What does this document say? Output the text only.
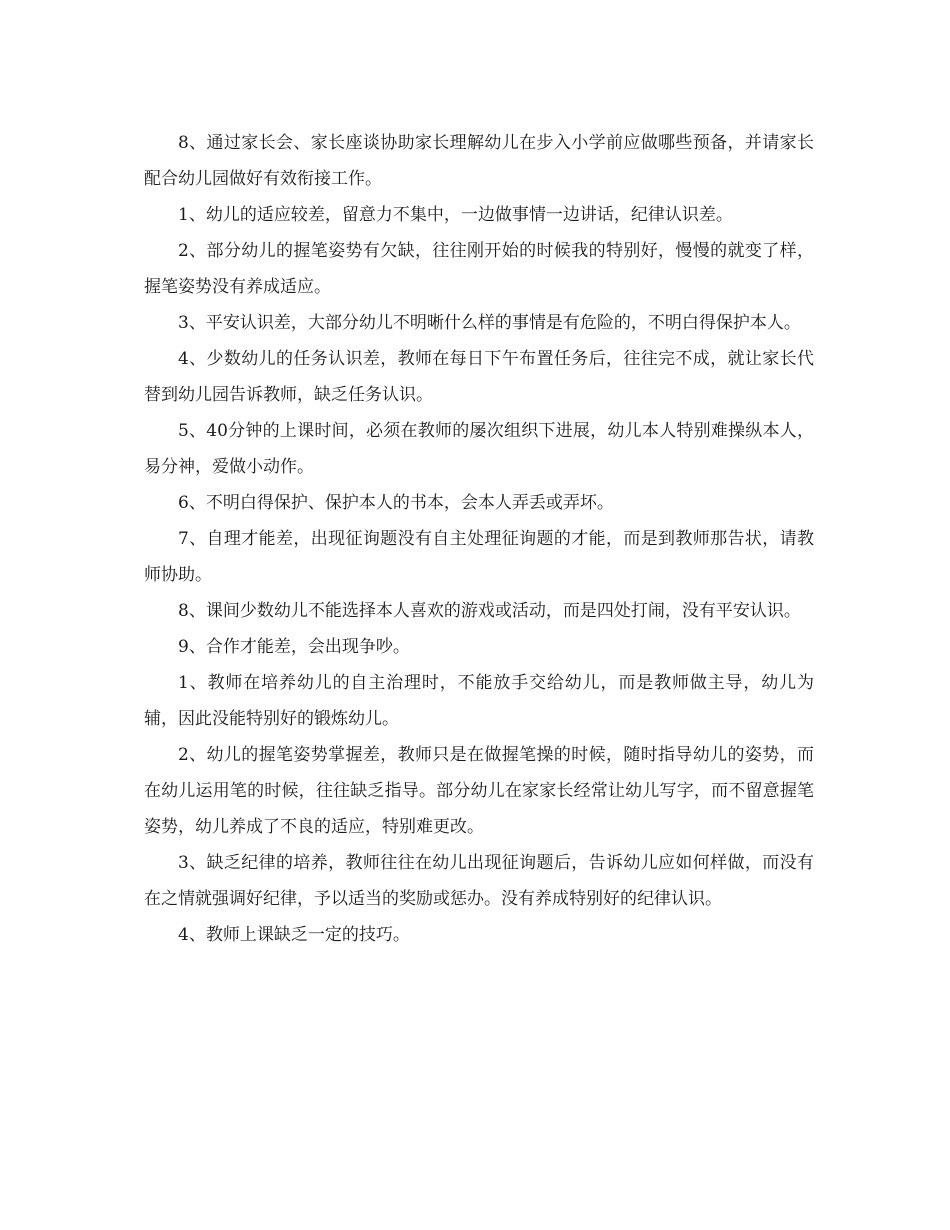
8、通过家长会、家长座谈协助家长理解幼儿在步入小学前应做哪些预备，并请家长配合幼儿园做好有效衔接工作。

1、幼儿的适应较差，留意力不集中，一边做事情一边讲话，纪律认识差。

2、部分幼儿的握笔姿势有欠缺，往往刚开始的时候我的特别好，慢慢的就变了样，握笔姿势没有养成适应。

3、平安认识差，大部分幼儿不明晰什么样的事情是有危险的，不明白得保护本人。

4、少数幼儿的任务认识差，教师在每日下午布置任务后，往往完不成，就让家长代替到幼儿园告诉教师，缺乏任务认识。

5、40分钟的上课时间，必须在教师的屡次组织下进展，幼儿本人特别难操纵本人，易分神，爱做小动作。

6、不明白得保护、保护本人的书本，会本人弄丢或弄坏。

7、自理才能差，出现征询题没有自主处理征询题的才能，而是到教师那告状，请教师协助。

8、课间少数幼儿不能选择本人喜欢的游戏或活动，而是四处打闹，没有平安认识。

9、合作才能差，会出现争吵。

1、教师在培养幼儿的自主治理时，不能放手交给幼儿，而是教师做主导，幼儿为辅，因此没能特别好的锻炼幼儿。

2、幼儿的握笔姿势掌握差，教师只是在做握笔操的时候，随时指导幼儿的姿势，而在幼儿运用笔的时候，往往缺乏指导。部分幼儿在家家长经常让幼儿写字，而不留意握笔姿势，幼儿养成了不良的适应，特别难更改。

3、缺乏纪律的培养，教师往往在幼儿出现征询题后，告诉幼儿应如何样做，而没有在之情就强调好纪律，予以适当的奖励或惩办。没有养成特别好的纪律认识。

4、教师上课缺乏一定的技巧。
